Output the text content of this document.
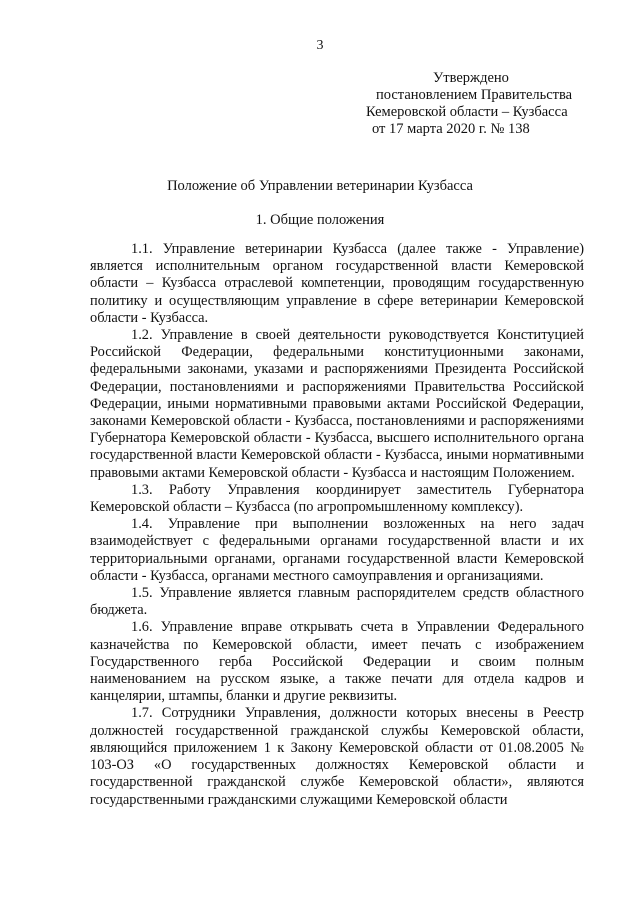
3
Утверждено
постановлением Правительства
Кемеровской области – Кузбасса
от 17 марта 2020 г. № 138
Положение об Управлении ветеринарии Кузбасса
1. Общие положения

1.1. Управление ветеринарии Кузбасса (далее также - Управление) является исполнительным органом государственной власти Кемеровской области – Кузбасса отраслевой компетенции, проводящим государственную политику и осуществляющим управление в сфере ветеринарии Кемеровской области - Кузбасса.

1.2. Управление в своей деятельности руководствуется Конституцией Российской Федерации, федеральными конституционными законами, федеральными законами, указами и распоряжениями Президента Российской Федерации, постановлениями и распоряжениями Правительства Российской Федерации, иными нормативными правовыми актами Российской Федерации, законами Кемеровской области - Кузбасса, постановлениями и распоряжениями Губернатора Кемеровской области - Кузбасса, высшего исполнительного органа государственной власти Кемеровской области - Кузбасса, иными нормативными правовыми актами Кемеровской области - Кузбасса и настоящим Положением.

1.3. Работу Управления координирует заместитель Губернатора Кемеровской области – Кузбасса (по агропромышленному комплексу).

1.4. Управление при выполнении возложенных на него задач взаимодействует с федеральными органами государственной власти и их территориальными органами, органами государственной власти Кемеровской области - Кузбасса, органами местного самоуправления и организациями.

1.5. Управление является главным распорядителем средств областного бюджета.

1.6. Управление вправе открывать счета в Управлении Федерального казначейства по Кемеровской области, имеет печать с изображением Государственного герба Российской Федерации и своим полным наименованием на русском языке, а также печати для отдела кадров и канцелярии, штампы, бланки и другие реквизиты.

1.7. Сотрудники Управления, должности которых внесены в Реестр должностей государственной гражданской службы Кемеровской области, являющийся приложением 1 к Закону Кемеровской области от 01.08.2005 № 103-ОЗ «О государственных должностях Кемеровской области и государственной гражданской службе Кемеровской области», являются государственными гражданскими служащими Кемеровской области
